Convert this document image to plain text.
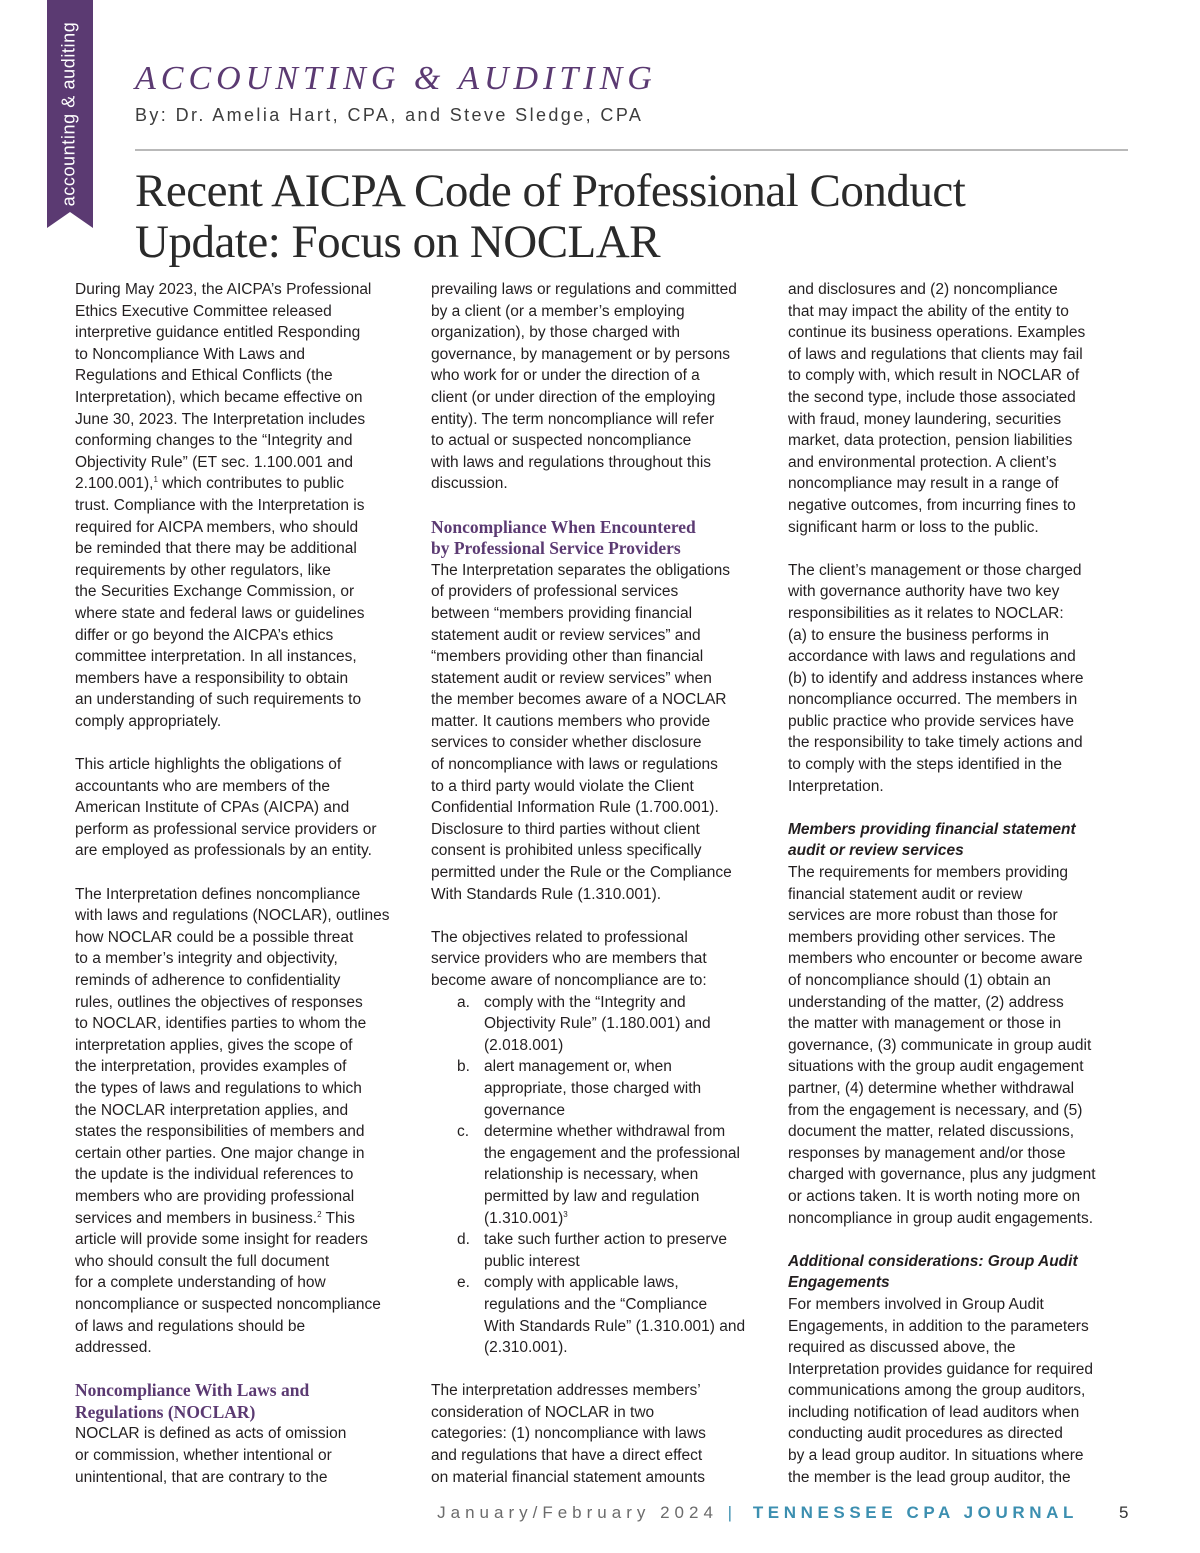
accounting & auditing ACCOUNTING & AUDITING

By: Dr. Amelia Hart, CPA, and Steve Sledge, CPA

Recent AICPA Code of Professional Conduct
Update: Focus on NOCLAR
During May 2023, the AICPA’s Professional
Ethics Executive Committee released
interpretive guidance entitled Responding
to Noncompliance With Laws and
Regulations and Ethical Conflicts (the
Interpretation), which became effective on
June 30, 2023. The Interpretation includes
conforming changes to the “Integrity and
Objectivity Rule” (ET sec. 1.100.001 and
2.100.001),$^1$ which contributes to public
trust. Compliance with the Interpretation is
required for AICPA members, who should
be reminded that there may be additional
requirements by other regulators, like
the Securities Exchange Commission, or
where state and federal laws or guidelines
differ or go beyond the AICPA’s ethics
committee interpretation. In all instances,
members have a responsibility to obtain
an understanding of such requirements to
comply appropriately.
This article highlights the obligations of
accountants who are members of the
American Institute of CPAs (AICPA) and
perform as professional service providers or
are employed as professionals by an entity.
The Interpretation defines noncompliance
with laws and regulations (NOCLAR), outlines
how NOCLAR could be a possible threat
to a member’s integrity and objectivity,
reminds of adherence to confidentiality
rules, outlines the objectives of responses
to NOCLAR, identifies parties to whom the
interpretation applies, gives the scope of
the interpretation, provides examples of
the types of laws and regulations to which
the NOCLAR interpretation applies, and
states the responsibilities of members and
certain other parties. One major change in
the update is the individual references to
members who are providing professional
services and members in business.$^2$ This
article will provide some insight for readers
who should consult the full document
for a complete understanding of how
noncompliance or suspected noncompliance
of laws and regulations should be
addressed.
Noncompliance With Laws and
Regulations (NOCLAR)
NOCLAR is defined as acts of omission
or commission, whether intentional or
unintentional, that are contrary to the
prevailing laws or regulations and committed
by a client (or a member’s employing
organization), by those charged with
governance, by management or by persons
who work for or under the direction of a
client (or under direction of the employing
entity). The term noncompliance will refer
to actual or suspected noncompliance
with laws and regulations throughout this
discussion.
Noncompliance When Encountered
by Professional Service Providers
The Interpretation separates the obligations
of providers of professional services
between “members providing financial
statement audit or review services” and
“members providing other than financial
statement audit or review services” when
the member becomes aware of a NOCLAR
matter. It cautions members who provide
services to consider whether disclosure
of noncompliance with laws or regulations
to a third party would violate the Client
Confidential Information Rule (1.700.001).
Disclosure to third parties without client
consent is prohibited unless specifically
permitted under the Rule or the Compliance
With Standards Rule (1.310.001).
The objectives related to professional
service providers who are members that
become aware of noncompliance are to:
a. comply with the “Integrity and
Objectivity Rule” (1.180.001) and
(2.018.001)
b. alert management or, when
appropriate, those charged with
governance
c. determine whether withdrawal from
the engagement and the professional
relationship is necessary, when
permitted by law and regulation
$(1.310.001)^3$
d. take such further action to preserve
public interest
e. comply with applicable laws,
regulations and the “Compliance
With Standards Rule” (1.310.001) and
(2.310.001).
The interpretation addresses members’
consideration of NOCLAR in two
categories: (1) noncompliance with laws
and regulations that have a direct effect
on material financial statement amounts
and disclosures and (2) noncompliance
that may impact the ability of the entity to
continue its business operations. Examples
of laws and regulations that clients may fail
to comply with, which result in NOCLAR of
the second type, include those associated
with fraud, money laundering, securities
market, data protection, pension liabilities
and environmental protection. A client’s
noncompliance may result in a range of
negative outcomes, from incurring fines to
significant harm or loss to the public.
The client’s management or those charged
with governance authority have two key
responsibilities as it relates to NOCLAR:
(a) to ensure the business performs in
accordance with laws and regulations and
(b) to identify and address instances where
noncompliance occurred. The members in
public practice who provide services have
the responsibility to take timely actions and
to comply with the steps identified in the
Interpretation.
Members providing financial statement
audit or review services
The requirements for members providing
financial statement audit or review
services are more robust than those for
members providing other services. The
members who encounter or become aware
of noncompliance should (1) obtain an
understanding of the matter, (2) address
the matter with management or those in
governance, (3) communicate in group audit
situations with the group audit engagement
partner, (4) determine whether withdrawal
from the engagement is necessary, and (5)
document the matter, related discussions,
responses by management and/or those
charged with governance, plus any judgment
or actions taken. It is worth noting more on
noncompliance in group audit engagements.
Additional considerations: Group Audit
Engagements
For members involved in Group Audit
Engagements, in addition to the parameters
required as discussed above, the
Interpretation provides guidance for required
communications among the group auditors,
including notification of lead auditors when
conducting audit procedures as directed
by a lead group auditor. In situations where
the member is the lead group auditor, the
January/February 2024 | TENNESSEE CPA JOURNAL 5
